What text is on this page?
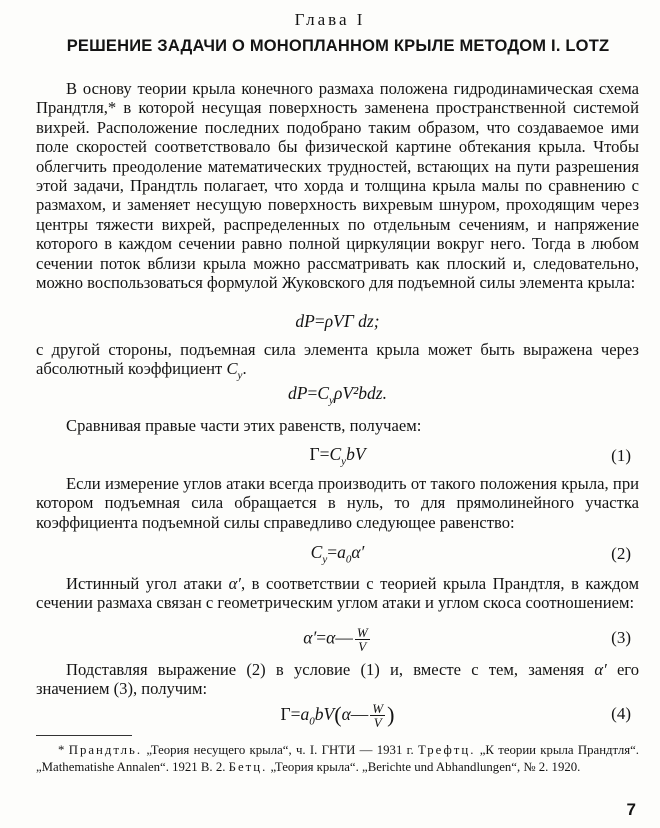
Глава I
РЕШЕНИЕ ЗАДАЧИ О МОНОПЛАННОМ КРЫЛЕ МЕТОДОМ I. LOTZ
В основу теории крыла конечного размаха положена гидродинамическая схема Прандтля,* в которой несущая поверхность заменена пространственной системой вихрей. Расположение последних подобрано таким образом, что создаваемое ими поле скоростей соответствовало бы физической картине обтекания крыла. Чтобы облегчить преодоление математических трудностей, встающих на пути разрешения этой задачи, Прандтль полагает, что хорда и толщина крыла малы по сравнению с размахом, и заменяет несущую поверхность вихревым шнуром, проходящим через центры тяжести вихрей, распределенных по отдельным сечениям, и напряжение которого в каждом сечении равно полной циркуляции вокруг него. Тогда в любом сечении поток вблизи крыла можно рассматривать как плоский и, следовательно, можно воспользоваться формулой Жуковского для подъемной силы элемента крыла:
dP=ρVΓ dz;
с другой стороны, подъемная сила элемента крыла может быть выражена через абсолютный коэффициент $C_y$.
$dP=C_y\rho V^2bdz$.
Сравнивая правые части этих равенств, получаем:
$\Gamma=C_ybV$	(1)
Если измерение углов атаки всегда производить от такого положения крыла, при котором подъемная сила обращается в нуль, то для прямолинейного участка коэффициента подъемной силы справедливо следующее равенство:
$C_y=a_0\alpha'$	(2)
Истинный угол атаки α′, в соответствии с теорией крыла Прандтля, в каждом сечении размаха связан с геометрическим углом атаки и углом скоса соотношением:
α′=α— $\frac{W}{V}$	(3)
Подставляя выражение (2) в условие (1) и, вместе с тем, заменяя α′ его значением (3), получим:
$\Gamma=a_0bV(\alpha— \frac{W}{V}$ )	(4)
* Прандтль. „Теория несущего крыла“, ч. I. ГНТИ — 1931 г. Трефтц. „К теории крыла Прандтля“. „Mathematishe Annalen“. 1921 В. 2. Бетц. „Теория крыла“. „Berichte und Abhandlungen“, № 2. 1920.
7
